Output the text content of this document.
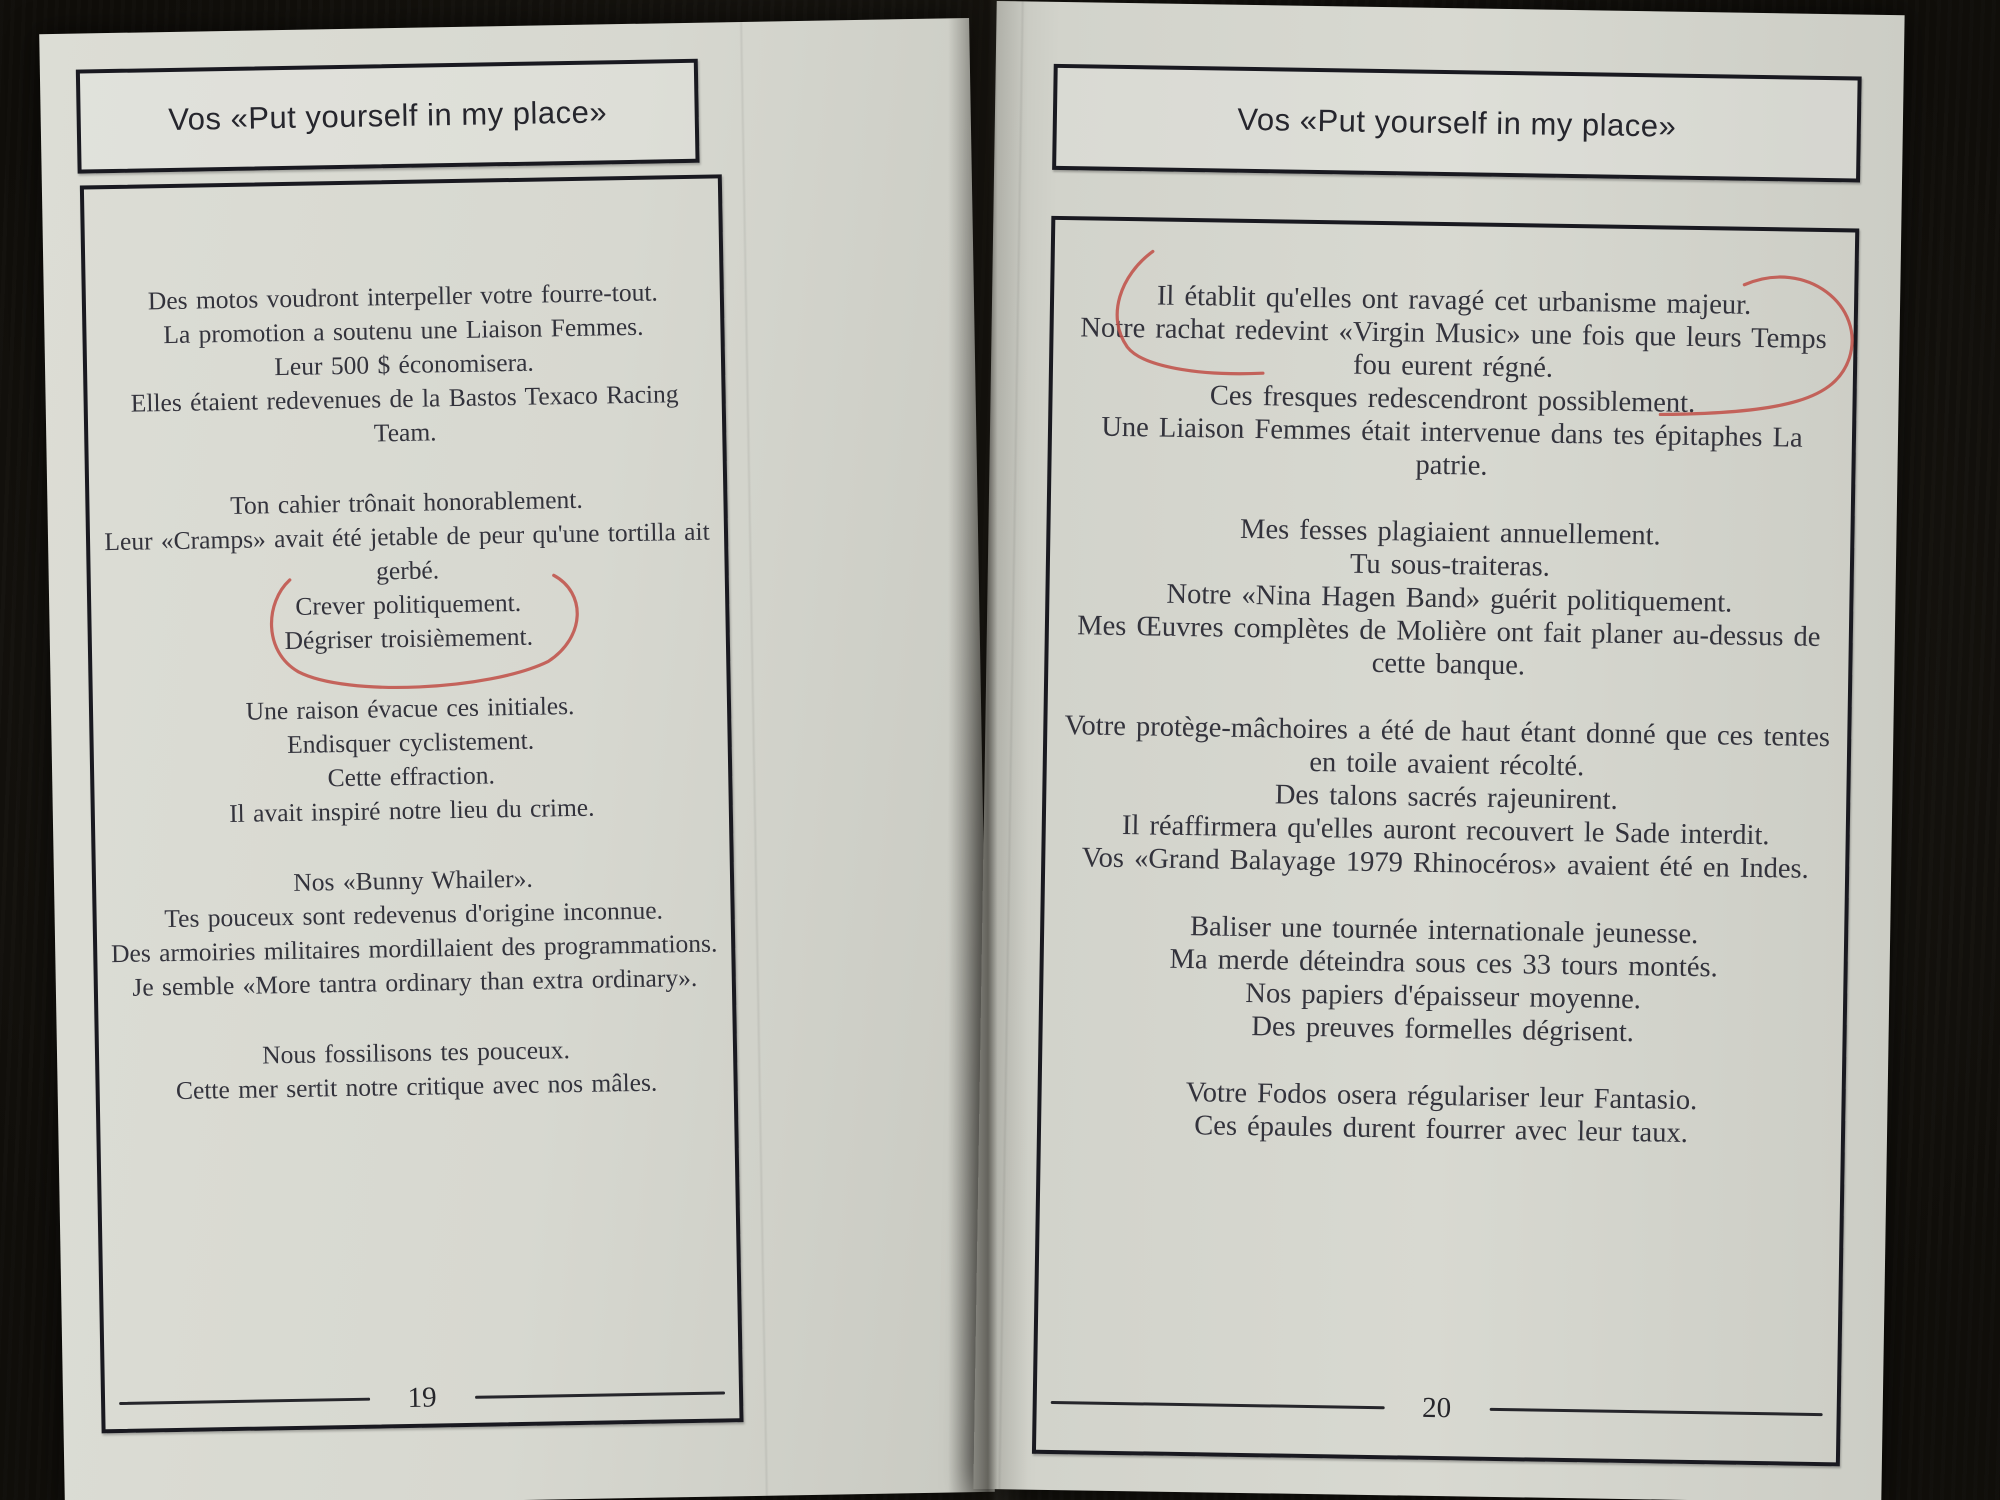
Vos «Put yourself in my place»
Des motos voudront interpeller votre fourre-tout.
La promotion a soutenu une Liaison Femmes.
Leur 500 $ économisera.
Elles étaient redevenues de la Bastos Texaco Racing Team.
Ton cahier trônait honorablement.
Leur «Cramps» avait été jetable de peur qu'une tortilla ait gerbé.
Crever politiquement.
Dégriser troisièmement.
Une raison évacue ces initiales.
Endisquer cyclistement.
Cette effraction.
Il avait inspiré notre lieu du crime.
Nos «Bunny Whailer».
Tes pouceux sont redevenus d'origine inconnue.
Des armoiries militaires mordillaient des programmations.
Je semble «More tantra ordinary than extra ordinary».
Nous fossilisons tes pouceux.
Cette mer sertit notre critique avec nos mâles.
19
Vos «Put yourself in my place»
Il établit qu'elles ont ravagé cet urbanisme majeur.
Notre rachat redevint «Virgin Music» une fois que leurs Temps fou eurent régné.
Ces fresques redescendront possiblement.
Une Liaison Femmes était intervenue dans tes épitaphes La patrie.
Mes fesses plagiaient annuellement.
Tu sous-traiteras.
Notre «Nina Hagen Band» guérit politiquement.
Mes Œuvres complètes de Molière ont fait planer au-dessus de cette banque.
Votre protège-mâchoires a été de haut étant donné que ces tentes en toile avaient récolté.
Des talons sacrés rajeunirent.
Il réaffirmera qu'elles auront recouvert le Sade interdit.
Vos «Grand Balayage 1979 Rhinocéros» avaient été en Indes.
Baliser une tournée internationale jeunesse.
Ma merde déteindra sous ces 33 tours montés.
Nos papiers d'épaisseur moyenne.
Des preuves formelles dégrisent.
Votre Fodos osera régulariser leur Fantasio.
Ces épaules durent fourrer avec leur taux.
20
